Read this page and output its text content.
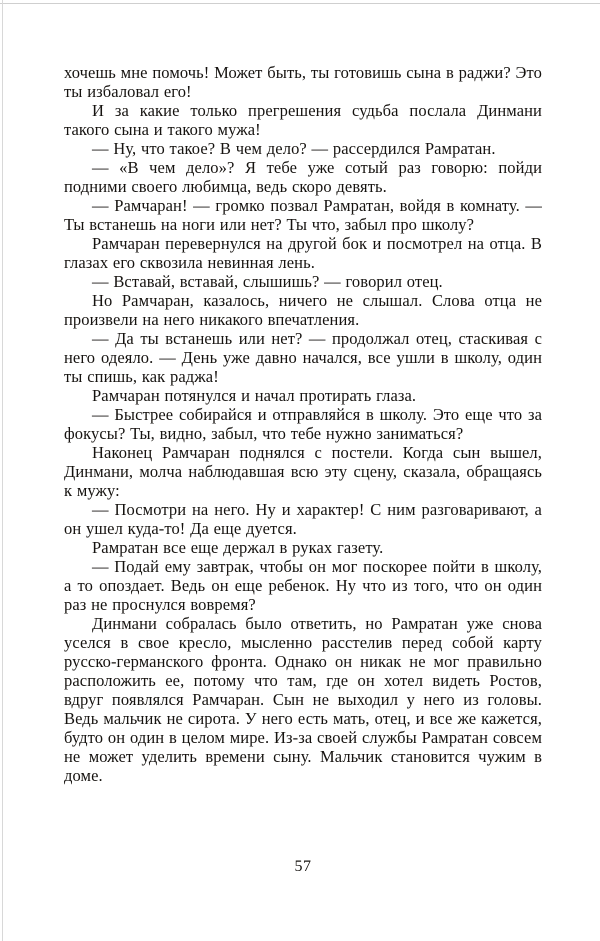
хочешь мне помочь! Может быть, ты готовишь сына в раджи? Это ты избаловал его!

И за какие только прегрешения судьба послала Динмани такого сына и такого мужа!

— Ну, что такое? В чем дело? — рассердился Рамратан.

— «В чем дело»? Я тебе уже сотый раз говорю: пойди подними своего любимца, ведь скоро девять.

— Рамчаран! — громко позвал Рамратан, войдя в комнату. — Ты встанешь на ноги или нет? Ты что, забыл про школу?

Рамчаран перевернулся на другой бок и посмотрел на отца. В глазах его сквозила невинная лень.

— Вставай, вставай, слышишь? — говорил отец.

Но Рамчаран, казалось, ничего не слышал. Слова отца не произвели на него никакого впечатления.

— Да ты встанешь или нет? — продолжал отец, стаскивая с него одеяло. — День уже давно начался, все ушли в школу, один ты спишь, как раджа!

Рамчаран потянулся и начал протирать глаза.

— Быстрее собирайся и отправляйся в школу. Это еще что за фокусы? Ты, видно, забыл, что тебе нужно заниматься?

Наконец Рамчаран поднялся с постели. Когда сын вышел, Динмани, молча наблюдавшая всю эту сцену, сказала, обращаясь к мужу:

— Посмотри на него. Ну и характер! С ним разговаривают, а он ушел куда-то! Да еще дуется.

Рамратан все еще держал в руках газету.

— Подай ему завтрак, чтобы он мог поскорее пойти в школу, а то опоздает. Ведь он еще ребенок. Ну что из того, что он один раз не проснулся вовремя?

Динмани собралась было ответить, но Рамратан уже снова уселся в свое кресло, мысленно расстелив перед собой карту русско-германского фронта. Однако он никак не мог правильно расположить ее, потому что там, где он хотел видеть Ростов, вдруг появлялся Рамчаран. Сын не выходил у него из головы. Ведь мальчик не сирота. У него есть мать, отец, и все же кажется, будто он один в целом мире. Из-за своей службы Рамратан совсем не может уделить времени сыну. Мальчик становится чужим в доме.

57
